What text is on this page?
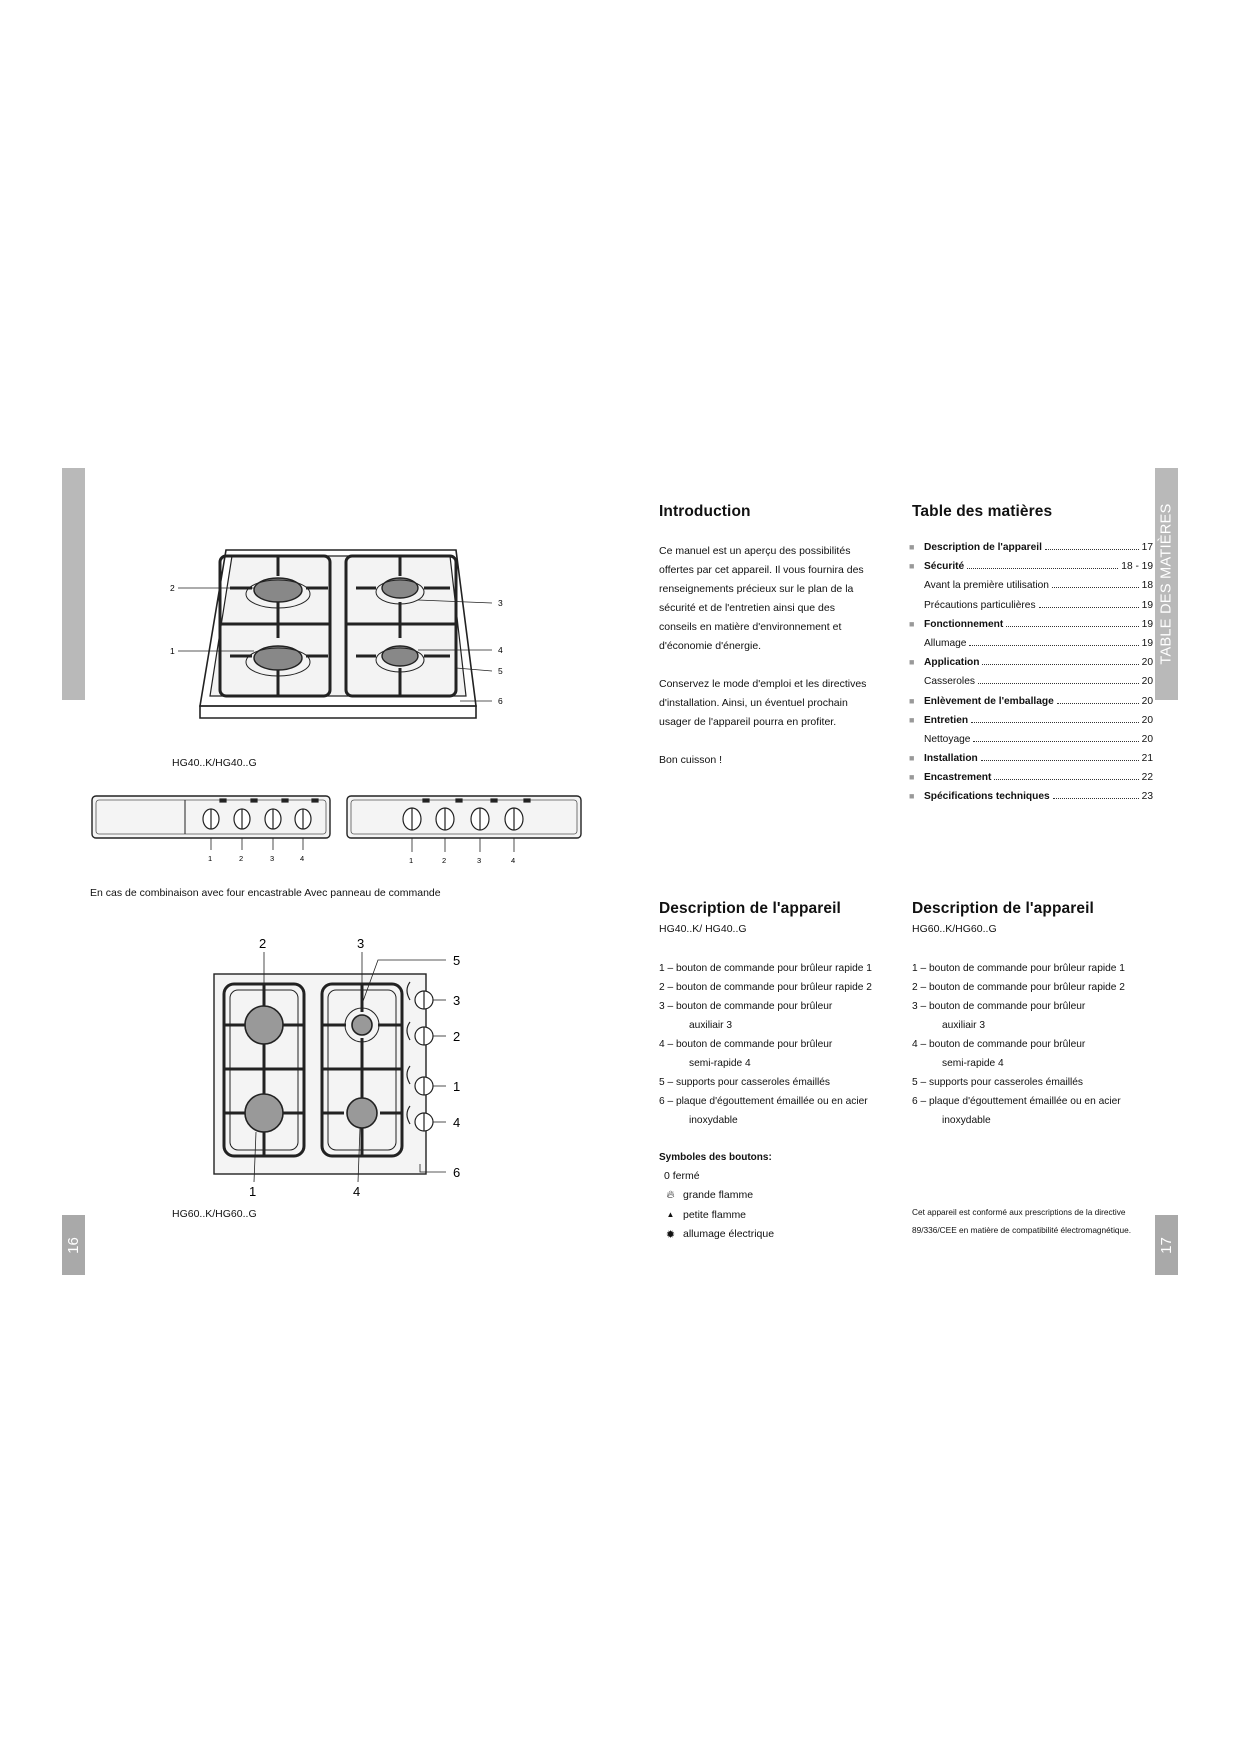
16
TABLE DES MATIÈRES
17
2
1
3
4
5
6
HG40..K/HG40..G
1	2	3	4	1	2	3	4
En cas de combinaison avec four encastrable Avec panneau de commande
2	3
5
3
2
1
4
6
1	4
HG60..K/HG60..G
Introduction

Ce manuel est un aperçu des possibilités

offertes par cet appareil. Il vous fournira des

renseignements précieux sur le plan de la

sécurité et de l'entretien ainsi que des

conseils en matière d'environnement et

d'économie d'énergie.

Conservez le mode d'emploi et les directives

d'installation. Ainsi, un éventuel prochain

usager de l'appareil pourra en profiter.

Bon cuisson !
Table des matières
■ Description de l'appareil	17
■ Sécurité	18 - 19
Avant la première utilisation	18
Précautions particulières	19
■ Fonctionnement	19
Allumage	19
■ Application	20
Casseroles	20
■ Enlèvement de l'emballage	20
■ Entretien	20
Nettoyage	20
■ Installation	21
■ Encastrement	22
■ Spécifications techniques	23
Description de l'appareil
HG40..K/ HG40..G
1 – bouton de commande pour brûleur rapide 1
2 – bouton de commande pour brûleur rapide 2
3 – bouton de commande pour brûleur
auxiliair 3
4 – bouton de commande pour brûleur
semi-rapide 4
5 – supports pour casseroles émaillés
6 – plaque d'égouttement émaillée ou en acier
inoxydable
Description de l'appareil
HG60..K/HG60..G
1 – bouton de commande pour brûleur rapide 1
2 – bouton de commande pour brûleur rapide 2
3 – bouton de commande pour brûleur
auxiliair 3
4 – bouton de commande pour brûleur
semi-rapide 4
5 – supports pour casseroles émaillés
6 – plaque d'égouttement émaillée ou en acier
inoxydable
Symboles des boutons:
0 fermé
🔥︎ grande flamme
▲ petite flamme
✹ allumage électrique
Cet appareil est conformé aux prescriptions de la directive
89/336/CEE en matière de compatibilité électromagnétique.
